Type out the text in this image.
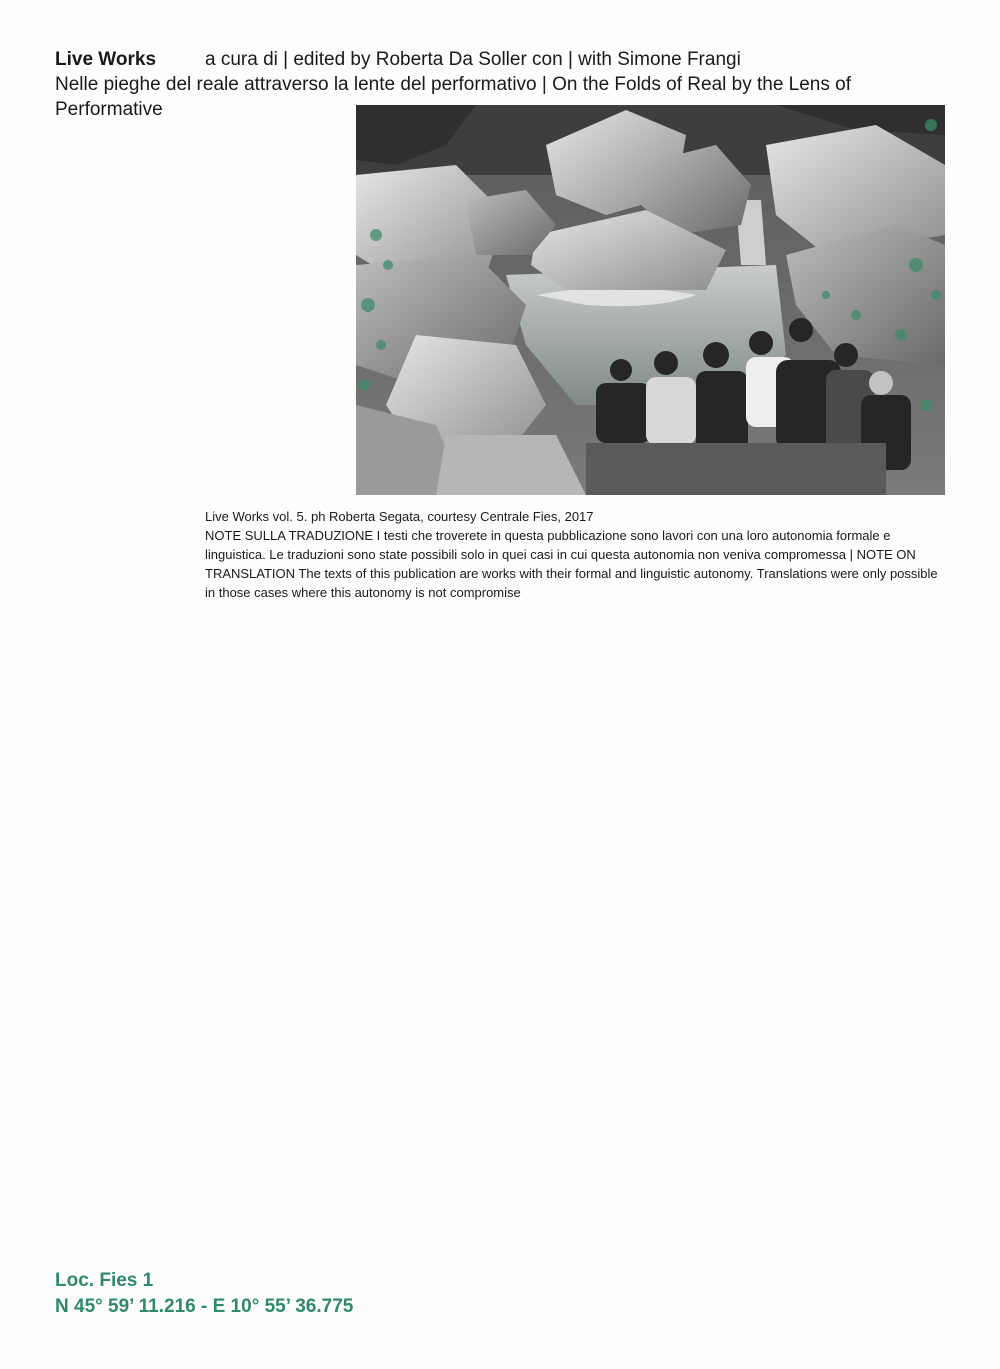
Live Works	a cura di | edited by Roberta Da Soller con | with Simone Frangi
Nelle pieghe del reale attraverso la lente del performativo | On the Folds of Real by the Lens of Performative

Live Works vol. 5. ph Roberta Segata, courtesy Centrale Fies, 2017

NOTE SULLA TRADUZIONE I testi che troverete in questa pubblicazione sono lavori con una loro autonomia formale e linguistica. Le traduzioni sono state possibili solo in quei casi in cui questa autonomia non veniva compromessa | NOTE ON TRANSLATION The texts of this publication are works with their formal and linguistic autonomy. Translations were only possible in those cases where this autonomy is not compromise

Loc. Fies 1
N 45° 59’ 11.216 - E 10° 55’ 36.775
